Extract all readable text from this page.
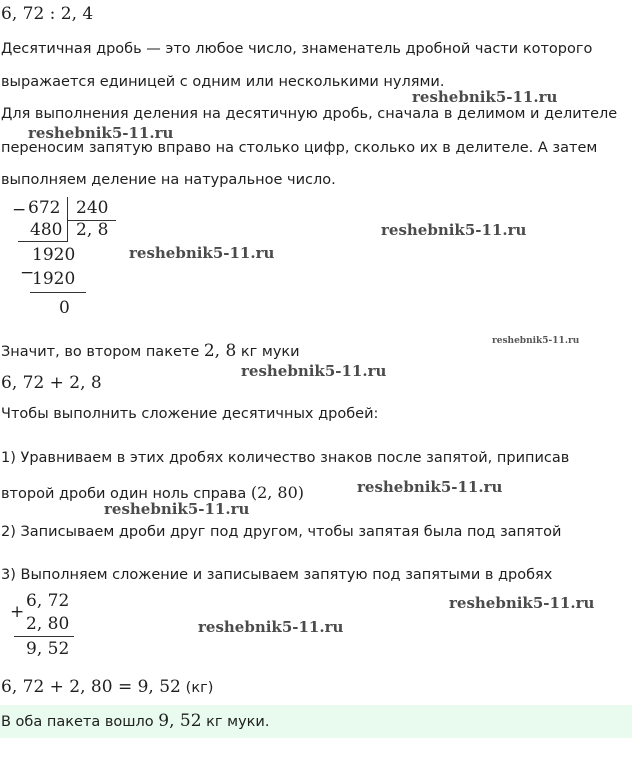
6, 72 : 2, 4
Десятичная дробь — это любое число, знаменатель дробной части которого
выражается единицей с одним или несколькими нулями.
reshebnik5-11.ru
Для выполнения деления на десятичную дробь, сначала в делимом и делителе
reshebnik5-11.ru
переносим запятую вправо на столько цифр, сколько их в делителе. А затем
выполняем деление на натуральное число.
− 672 240
480 2, 8
1920
−
1920
0
reshebnik5-11.ru
reshebnik5-11.ru
Значит, во втором пакете 2, 8 кг муки
reshebnik5-11.ru
reshebnik5-11.ru
6, 72 + 2, 8
Чтобы выполнить сложение десятичных дробей:
1) Уравниваем в этих дробях количество знаков после запятой, приписав
второй дроби один ноль справа (2, 80)	reshebnik5-11.ru
reshebnik5-11.ru
2) Записываем дроби друг под другом, чтобы запятая была под запятой
3) Выполняем сложение и записываем запятую под запятыми в дробях
+
6, 72
2, 80
9, 52
reshebnik5-11.ru
reshebnik5-11.ru
6, 72 + 2, 80 = 9, 52 (кг)
В оба пакета вошло 9, 52 кг муки.
